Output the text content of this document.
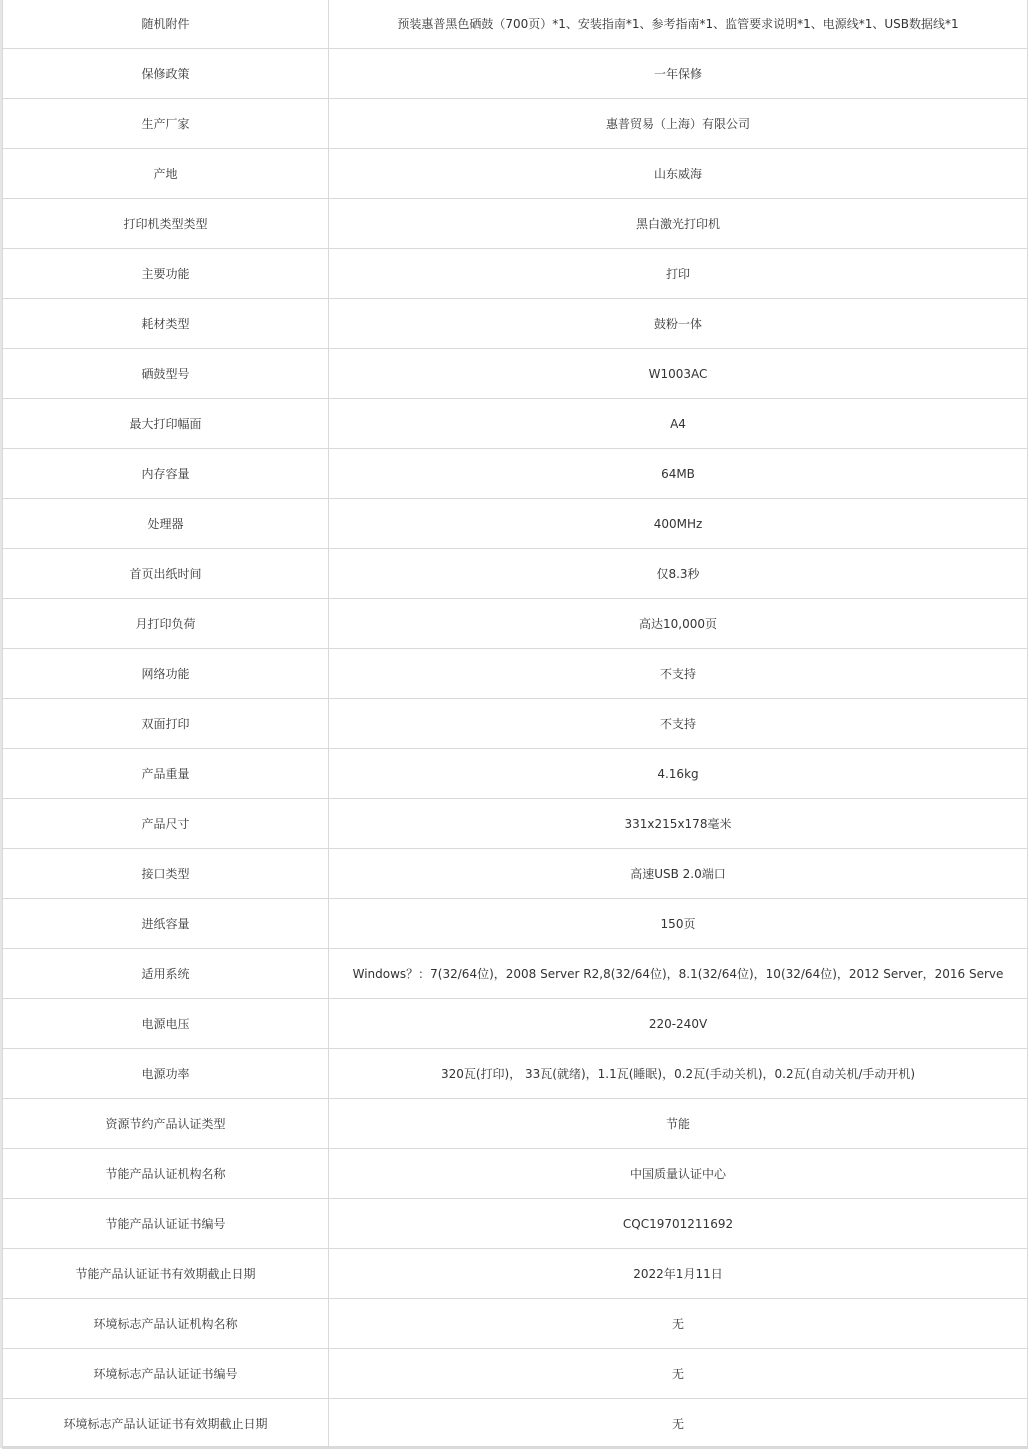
随机附件	预装惠普黑色硒鼓（700页）*1、安装指南*1、参考指南*1、监管要求说明*1、电源线*1、USB数据线*1
保修政策	一年保修
生产厂家	惠普贸易（上海）有限公司
产地	山东威海
打印机类型类型	黑白激光打印机
主要功能	打印
耗材类型	鼓粉一体
硒鼓型号	W1003AC
最大打印幅面	A4
内存容量	64MB
处理器	400MHz
首页出纸时间	仅8.3秒
月打印负荷	高达10,000页
网络功能	不支持
双面打印	不支持
产品重量	4.16kg
产品尺寸	331x215x178毫米
接口类型	高速USB 2.0端口
进纸容量	150页
适用系统	Windows？：7(32/64位)，2008 Server R2,8(32/64位)，8.1(32/64位)，10(32/64位)，2012 Server，2016 Serve
电源电压	220-240V
电源功率	320瓦(打印)， 33瓦(就绪)，1.1瓦(睡眠)，0.2瓦(手动关机)，0.2瓦(自动关机/手动开机)
资源节约产品认证类型	节能
节能产品认证机构名称	中国质量认证中心
节能产品认证证书编号	CQC19701211692
节能产品认证证书有效期截止日期	2022年1月11日
环境标志产品认证机构名称	无
环境标志产品认证证书编号	无
环境标志产品认证证书有效期截止日期	无
